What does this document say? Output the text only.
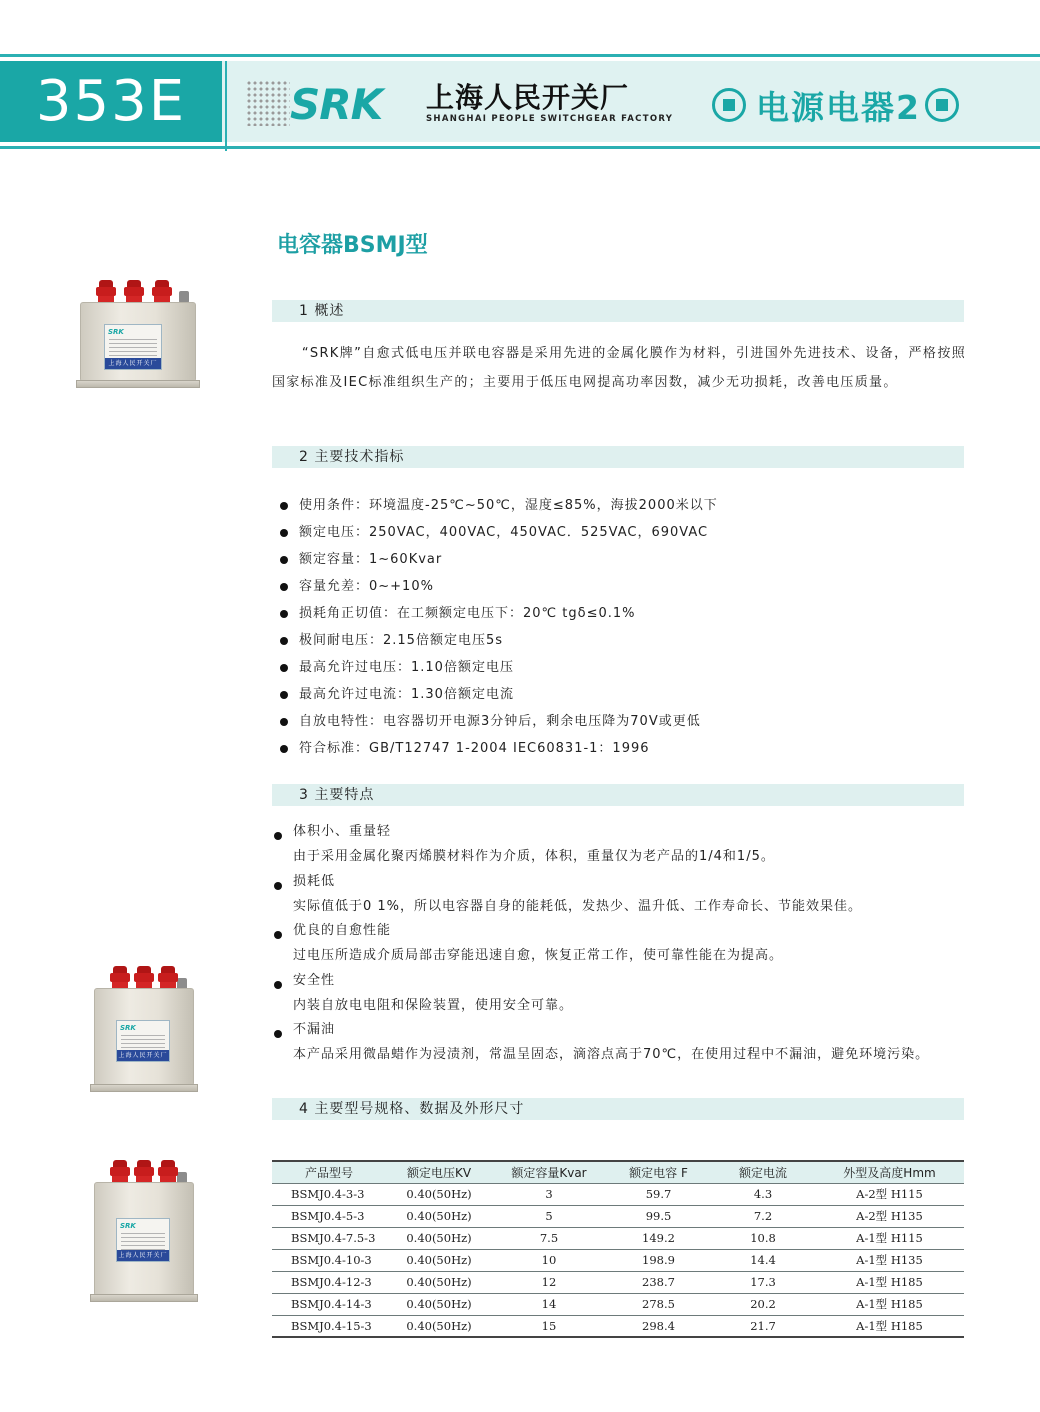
353E	SRK 上海人民开关厂
SHANGHAI PEOPLE SWITCHGEAR FACTORY	电源电器2
电容器BSMJ型
1 概述

“SRK牌”自愈式低电压并联电容器是采用先进的金属化膜作为材料，引进国外先进技术、设备，严格按照国家标准及IEC标准组织生产的；主要用于低压电网提高功率因数，减少无功损耗，改善电压质量。

2 主要技术指标
使用条件：环境温度-25℃~50℃，湿度≤85%，海拔2000米以下
额定电压：250VAC，400VAC，450VAC．525VAC，690VAC
额定容量：1~60Kvar
容量允差：0~+10%
损耗角正切值：在工频额定电压下：20℃ tgδ≤0.1%
极间耐电压：2.15倍额定电压5s
最高允许过电压：1.10倍额定电压
最高允许过电流：1.30倍额定电流
自放电特性：电容器切开电源3分钟后，剩余电压降为70V或更低
符合标准：GB/T12747 1-2004 IEC60831-1：1996
3 主要特点
体积小、重量轻
由于采用金属化聚丙烯膜材料作为介质，体积，重量仅为老产品的1/4和1/5。
损耗低
实际值低于0 1%，所以电容器自身的能耗低，发热少、温升低、工作寿命长、节能效果佳。
优良的自愈性能
过电压所造成介质局部击穿能迅速自愈，恢复正常工作，使可靠性能在为提高。
安全性
内装自放电电阻和保险装置，使用安全可靠。
不漏油
本产品采用微晶蜡作为浸渍剂，常温呈固态，滴溶点高于70℃，在使用过程中不漏油，避免环境污染。
4 主要型号规格、数据及外形尺寸
产品型号	额定电压KV	额定容量Kvar	额定电容 F	额定电流	外型及高度Hmm
BSMJ0.4-3-3	0.40(50Hz)	3	59.7	4.3	A-2型 H115
BSMJ0.4-5-3	0.40(50Hz)	5	99.5	7.2	A-2型 H135
BSMJ0.4-7.5-3	0.40(50Hz)	7.5	149.2	10.8	A-1型 H115
BSMJ0.4-10-3	0.40(50Hz)	10	198.9	14.4	A-1型 H135
BSMJ0.4-12-3	0.40(50Hz)	12	238.7	17.3	A-1型 H185
BSMJ0.4-14-3	0.40(50Hz)	14	278.5	20.2	A-1型 H185
BSMJ0.4-15-3	0.40(50Hz)	15	298.4	21.7	A-1型 H185
SRK
上海人民开关厂
SRK
上海人民开关厂
SRK
上海人民开关厂
